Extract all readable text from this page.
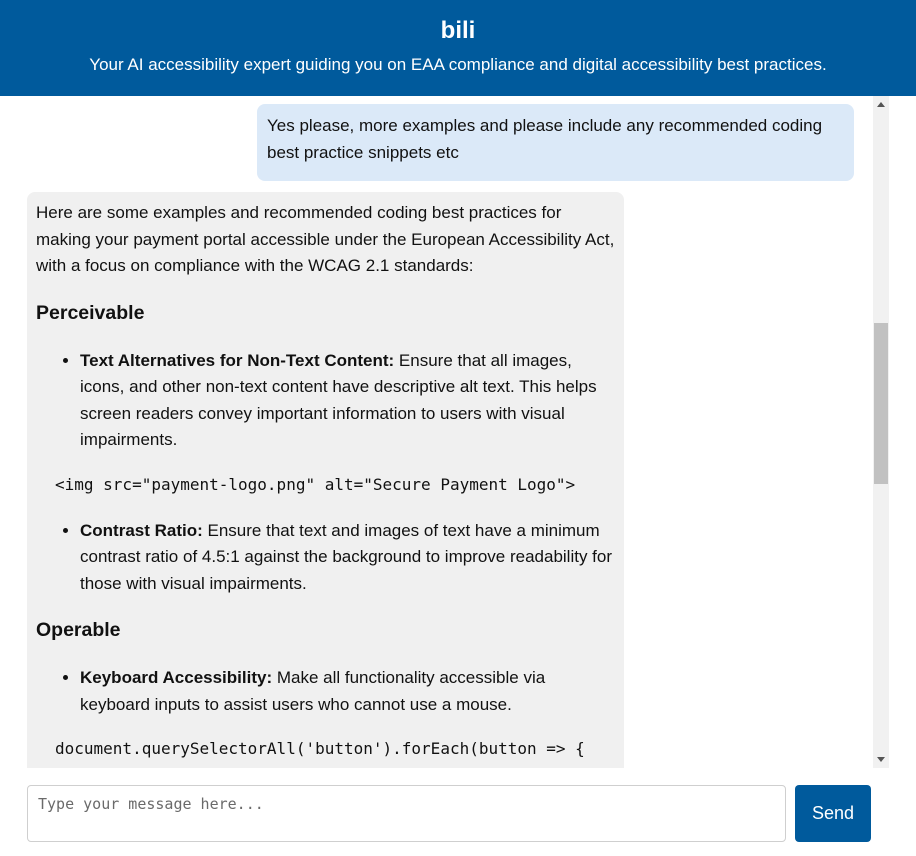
bili
Your AI accessibility expert guiding you on EAA compliance and digital accessibility best practices.
Yes please, more examples and please include any recommended coding best practice snippets etc

Here are some examples and recommended coding best practices for making your payment portal accessible under the European Accessibility Act, with a focus on compliance with the WCAG 2.1 standards:

Perceivable
• Text Alternatives for Non-Text Content: Ensure that all images, icons, and other non-text content have descriptive alt text. This helps screen readers convey important information to users with visual impairments.
<img src="payment-logo.png" alt="Secure Payment Logo">
• Contrast Ratio: Ensure that text and images of text have a minimum contrast ratio of 4.5:1 against the background to improve readability for those with visual impairments.
Operable
• Keyboard Accessibility: Make all functionality accessible via keyboard inputs to assist users who cannot use a mouse.
document.querySelectorAll('button').forEach(button => {
Type your message here...
Send
